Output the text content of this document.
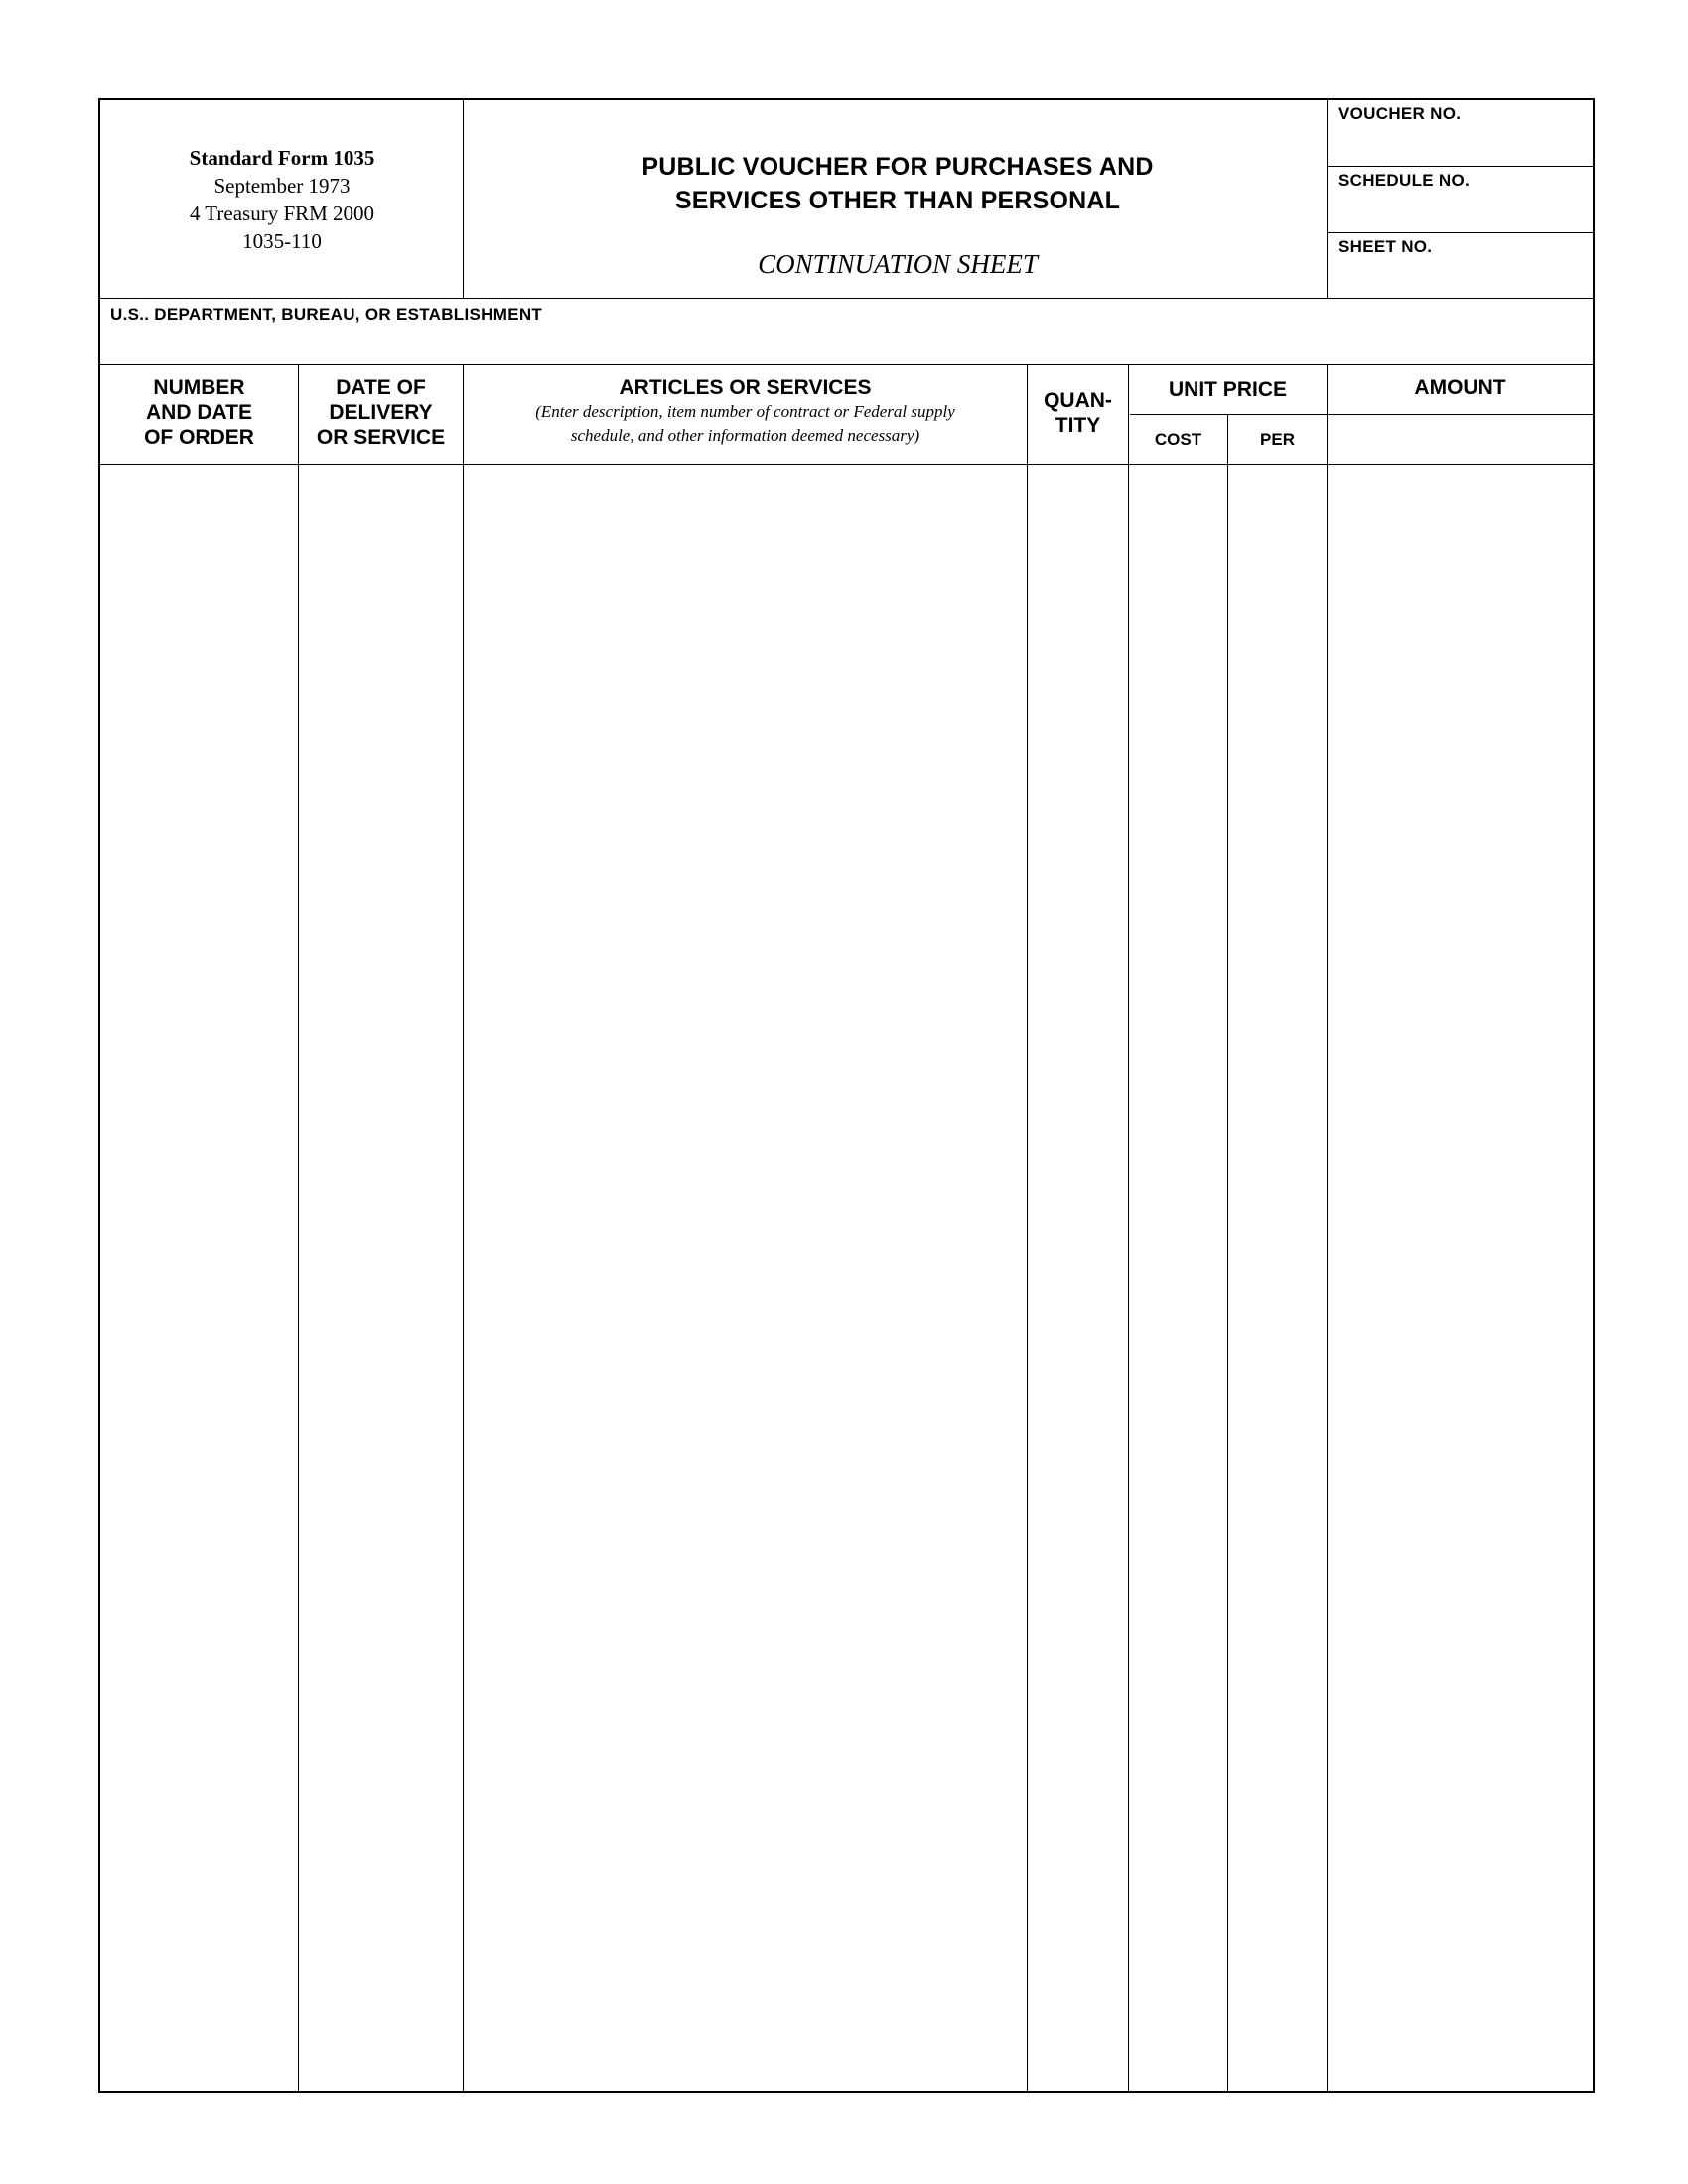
Standard Form 1035
September 1973
4 Treasury FRM 2000
1035-110
PUBLIC VOUCHER FOR PURCHASES AND
SERVICES OTHER THAN PERSONAL
CONTINUATION SHEET
VOUCHER NO.
SCHEDULE NO.
SHEET NO.
U.S.. DEPARTMENT, BUREAU, OR ESTABLISHMENT
NUMBER
AND DATE
OF ORDER
DATE OF
DELIVERY
OR SERVICE
ARTICLES OR SERVICES
(Enter description, item number of contract or Federal supply
schedule, and other information deemed necessary)
QUAN-
TITY
UNIT PRICE
COST	PER
AMOUNT
